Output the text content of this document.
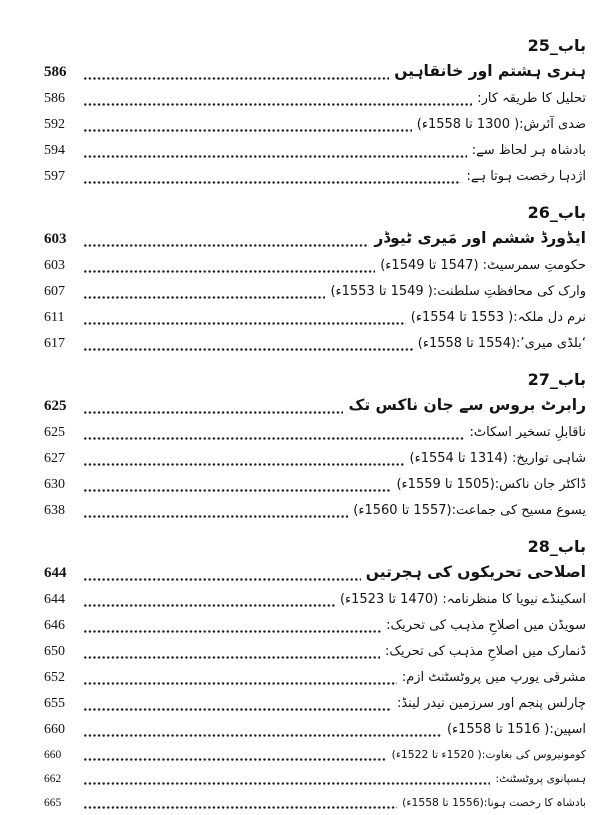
باب_25
ہنری ہشتم اور خانقاہیں
586
تحلیل کا طریقہ کار:
586
ضدی آئرش:( 1300 تا 1558ء)
592
بادشاہ ہر لحاظ سے:
594
اژدہا رخصت ہوتا ہے:
597
باب_26
ایڈورڈ ششم اور مَیری ٹیوڈر
603
حکومتِ سمرسیٹ: (1547 تا 1549ء)
603
وارک کی محافظتِ سلطنت:( 1549 تا 1553ء)
607
نرم دل ملکہ:( 1553 تا 1554ء)
611
‘بلڈی میری’:(1554 تا 1558ء)
617
باب_27
رابرٹ بروس سے جان ناکس تک
625
ناقابلِ تسخیر اسکاٹ:
625
شاہی تواریخ: (1314 تا 1554ء)
627
ڈاکٹر جان ناکس:(1505 تا 1559ء)
630
یسوع مسیح کی جماعت:(1557 تا 1560ء)
638
باب_28
اصلاحی تحریکوں کی ہجرتیں
644
اسکینڈے نیویا کا منظرنامہ: (1470 تا 1523ء)
644
سویڈن میں اصلاحِ مذہب کی تحریک:
646
ڈنمارک میں اصلاحِ مذہب کی تحریک:
650
مشرقی یورپ میں پروٹسٹنٹ ازم:
652
چارلس پنجم اور سرزمین نیدر لینڈ:
655
اسپین:( 1516 تا 1558ء)
660
کومونیروس کی بغاوت:( 1520ء تا 1522ء)
660
ہسپانوی پروٹسٹنٹ:
662
بادشاہ کا رخصت ہونا:(1556 تا 1558ء)
665
